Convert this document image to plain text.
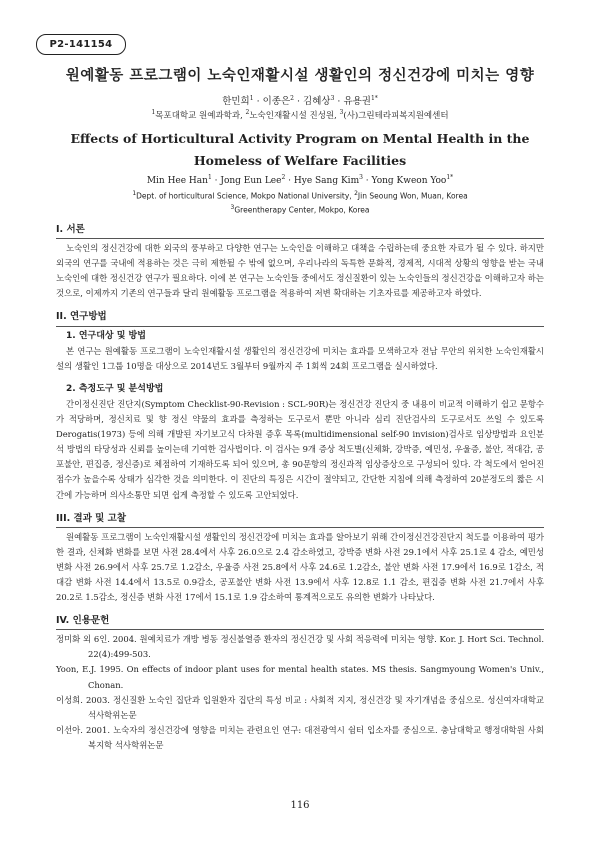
P2-141154
원예활동 프로그램이 노숙인재활시설 생활인의 정신건강에 미치는 영향
한민희$^1$ · 이종은$^2$ · 김혜상$^3$ · 유용권$^{1*}$
$^1$목포대학교 원예과학과, $^2$노숙인재활시설 진성원, $^3$(사)그린테라피복지원예센터
Effects of Horticultural Activity Program on Mental Health in the Homeless of Welfare Facilities
Min Hee Han$^1$ · Jong Eun Lee$^2$ · Hye Sang Kim$^3$ · Yong Kweon Yoo$^{1*}$
$^1$Dept. of horticultural Science, Mokpo National University, $^2$Jin Seoung Won, Muan, Korea
$^3$Greentherapy Center, Mokpo, Korea
I. 서론

노숙인의 정신건강에 대한 외국의 풍부하고 다양한 연구는 노숙인을 이해하고 대책을 수립하는데 중요한 자료가 될 수 있다. 하지만 외국의 연구를 국내에 적용하는 것은 극히 제한될 수 밖에 없으며, 우리나라의 독특한 문화적, 경제적, 시대적 상황의 영향을 받는 국내 노숙인에 대한 정신건강 연구가 필요하다. 이에 본 연구는 노숙인들 중에서도 정신질환이 있는 노숙인들의 정신건강을 이해하고자 하는 것으로, 이제까지 기존의 연구들과 달리 원예활동 프로그램을 적용하여 저변 확대하는 기초자료를 제공하고자 하였다.

II. 연구방법
1. 연구대상 및 방법

본 연구는 원예활동 프로그램이 노숙인재활시설 생활인의 정신건강에 미치는 효과를 모색하고자 전남 무안의 위치한 노숙인재활시설의 생활인 1그룹 10명을 대상으로 2014년도 3월부터 9월까지 주 1회씩 24회 프로그램을 실시하였다.

2. 측정도구 및 분석방법

간이정신진단 진단지(Symptom Checklist-90-Revision : SCL-90R)는 정신건강 진단지 중 내용이 비교적 이해하기 쉽고 문항수가 적당하며, 정신치료 및 향 정신 약물의 효과를 측정하는 도구로서 뿐만 아니라 심리 진단검사의 도구로서도 쓰일 수 있도록 Derogatis(1973) 등에 의해 개발된 자기보고식 다차원 증후 목록(multidimensional self-90 invision)검사로 임상방법과 요인분석 방법의 타당성과 신뢰를 높이는데 기여한 검사법이다. 이 검사는 9개 증상 척도별(신체화, 강박증, 예민성, 우울증, 불안, 적대감, 공포불안, 편집증, 정신증)로 체점하여 기재하도록 되어 있으며, 총 90문항의 정신과적 임상증상으로 구성되어 있다. 각 척도에서 얻어진 점수가 높을수록 상태가 심각한 것을 의미한다. 이 진단의 특징은 시간이 절약되고, 간단한 지침에 의해 측정하여 20분정도의 짧은 시간에 가능하며 의사소통만 되면 쉽게 측정할 수 있도록 고안되었다.

III. 결과 및 고찰

원예활동 프로그램이 노숙인재활시설 생활인의 정신건강에 미치는 효과를 알아보기 위해 간이정신건강진단지 척도를 이용하여 평가한 결과, 신체화 변화를 보면 사전 28.4에서 사후 26.0으로 2.4 감소하였고, 강박증 변화 사전 29.1에서 사후 25.1로 4 감소, 예민성 변화 사전 26.9에서 사후 25.7로 1.2감소, 우울증 사전 25.8에서 사후 24.6로 1.2감소, 불안 변화 사전 17.9에서 16.9로 1감소, 적대감 변화 사전 14.4에서 13.5로 0.9감소, 공포불안 변화 사전 13.9에서 사후 12.8로 1.1 감소, 편집증 변화 사전 21.7에서 사후 20.2로 1.5감소, 정신증 변화 사전 17에서 15.1로 1.9 감소하여 통계적으로도 유의한 변화가 나타났다.

IV. 인용문헌

정미화 외 6인. 2004. 원예치료가 개방 병동 정신불열증 환자의 정신건강 및 사회 적응력에 미치는 영향. Kor. J. Hort Sci. Technol. 22(4):499-503.

Yoon, E.J. 1995. On effects of indoor plant uses for mental health states. MS thesis. Sangmyoung Women's Univ., Chonan.

이성희. 2003. 정신질환 노숙인 집단과 입원환자 집단의 특성 비교 : 사회적 지지, 정신건강 및 자기개념을 중심으로. 성신여자대학교 석사학위논문

이선아. 2001. 노숙자의 정신건강에 영향을 미치는 관련요인 연구: 대전광역시 쉼터 입소자를 중심으로. 충남대학교 행정대학원 사회복지학 석사학위논문

116
